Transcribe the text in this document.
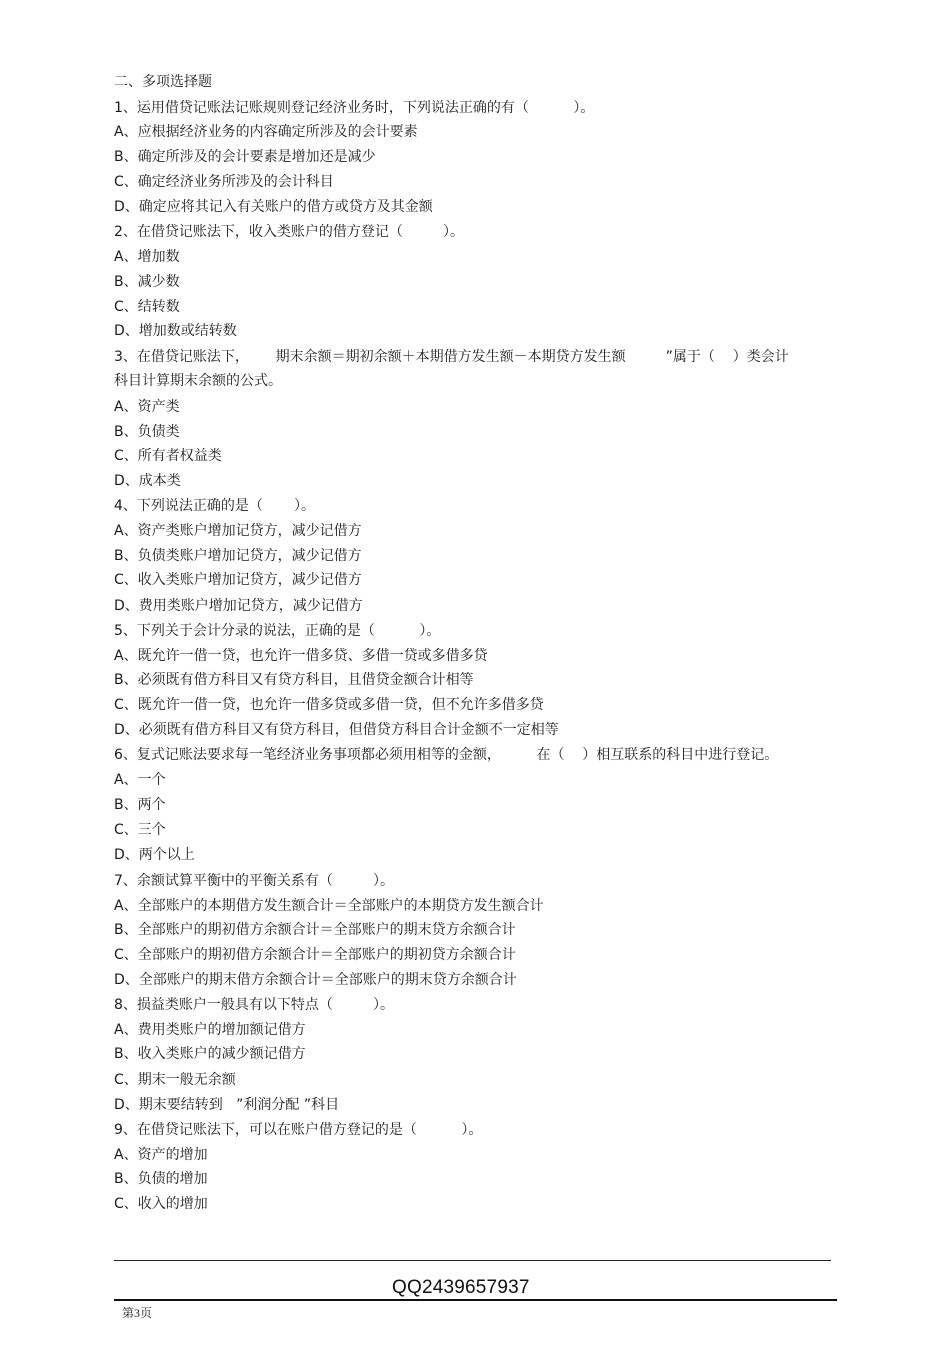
二、多项选择题
1、运用借贷记账法记账规则登记经济业务时，下列说法正确的有（          ）。
A、应根据经济业务的内容确定所涉及的会计要素
B、确定所涉及的会计要素是增加还是减少
C、确定经济业务所涉及的会计科目
D、确定应将其记入有关账户的借方或贷方及其金额
2、在借贷记账法下，收入类账户的借方登记（         ）。
A、增加数
B、减少数
C、结转数
D、增加数或结转数
3、在借贷记账法下，      期末余额＝期初余额＋本期借方发生额－本期贷方发生额         ”属于（    ）类会计
科目计算期末余额的公式。
A、资产类
B、负债类
C、所有者权益类
D、成本类
4、下列说法正确的是（       ）。
A、资产类账户增加记贷方，减少记借方
B、负债类账户增加记贷方，减少记借方
C、收入类账户增加记贷方，减少记借方
D、费用类账户增加记贷方，减少记借方
5、下列关于会计分录的说法，正确的是（          ）。
A、既允许一借一贷，也允许一借多贷、多借一贷或多借多贷
B、必须既有借方科目又有贷方科目，且借贷金额合计相等
C、既允许一借一贷，也允许一借多贷或多借一贷，但不允许多借多贷
D、必须既有借方科目又有贷方科目，但借贷方科目合计金额不一定相等
6、复式记账法要求每一笔经济业务事项都必须用相等的金额，        在（    ）相互联系的科目中进行登记。
A、一个
B、两个
C、三个
D、两个以上
7、余额试算平衡中的平衡关系有（         ）。
A、全部账户的本期借方发生额合计＝全部账户的本期贷方发生额合计
B、全部账户的期初借方余额合计＝全部账户的期末贷方余额合计
C、全部账户的期初借方余额合计＝全部账户的期初贷方余额合计
D、全部账户的期末借方余额合计＝全部账户的期末贷方余额合计
8、损益类账户一般具有以下特点（         ）。
A、费用类账户的增加额记借方
B、收入类账户的减少额记借方
C、期末一般无余额
D、期末要结转到   ”利润分配 ”科目
9、在借贷记账法下，可以在账户借方登记的是（          ）。
A、资产的增加
B、负债的增加
C、收入的增加
QQ2439657937
第3页
